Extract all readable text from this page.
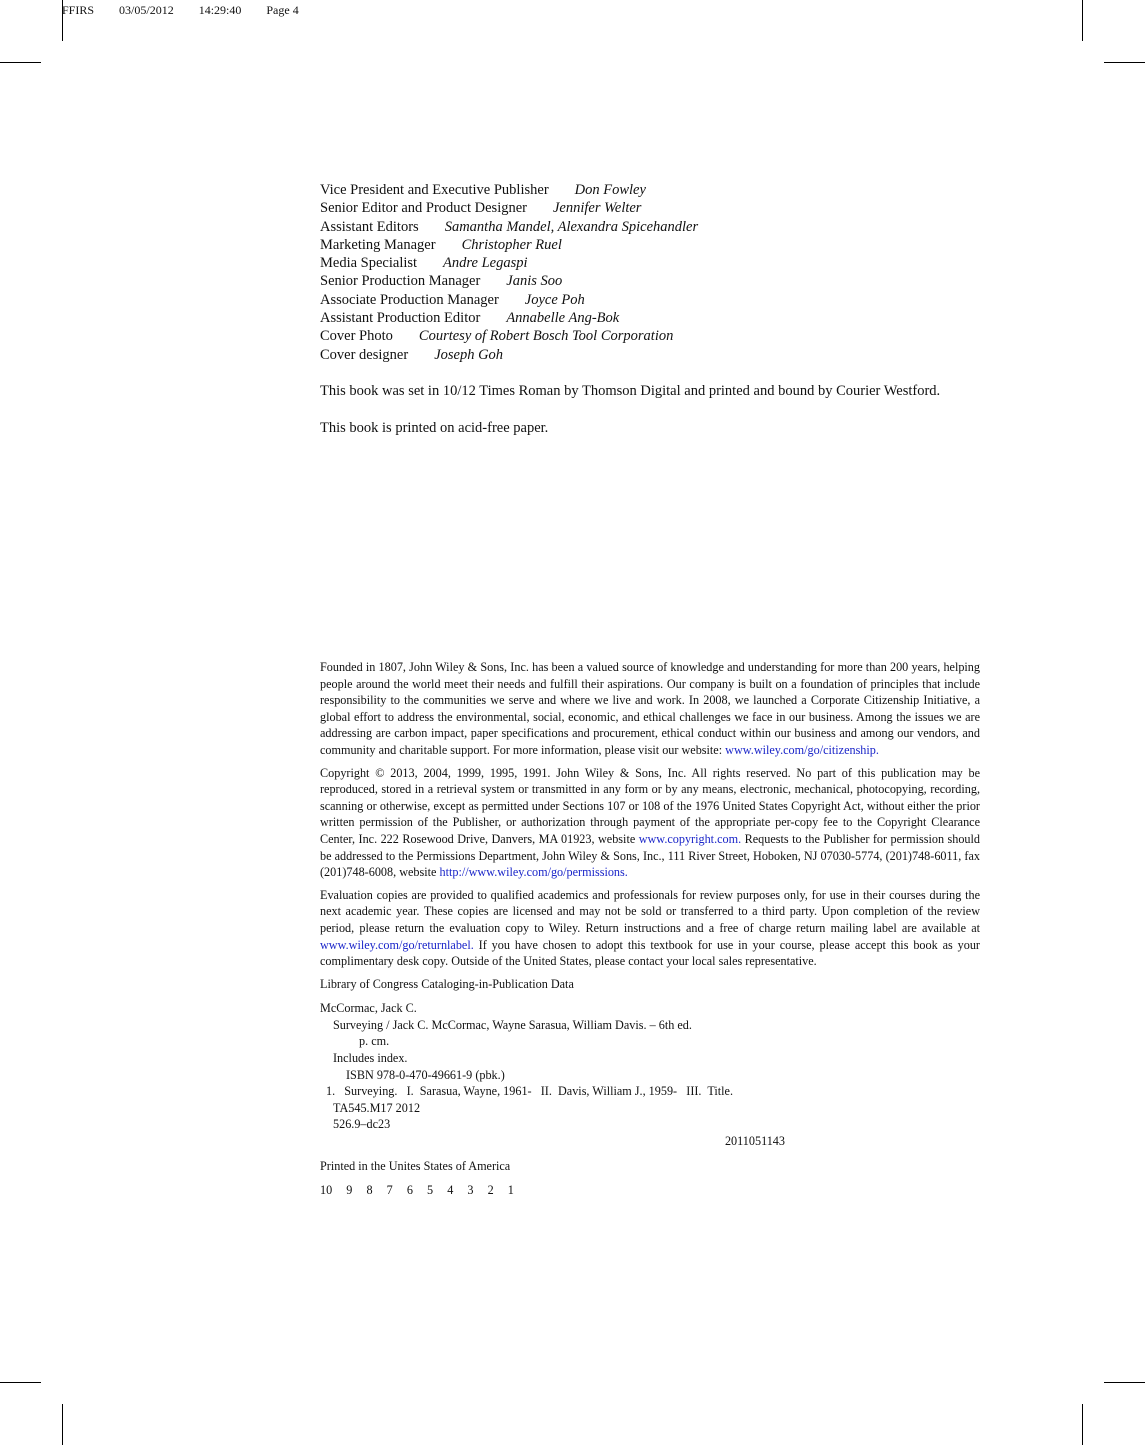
FFIRS 03/05/2012 14:29:40 Page 4
Vice President and Executive Publisher Don Fowley
Senior Editor and Product Designer Jennifer Welter
Assistant Editors Samantha Mandel, Alexandra Spicehandler
Marketing Manager Christopher Ruel
Media Specialist Andre Legaspi
Senior Production Manager Janis Soo
Associate Production Manager Joyce Poh
Assistant Production Editor Annabelle Ang-Bok
Cover Photo Courtesy of Robert Bosch Tool Corporation
Cover designer Joseph Goh
This book was set in 10/12 Times Roman by Thomson Digital and printed and bound by Courier Westford.
This book is printed on acid-free paper.

Founded in 1807, John Wiley & Sons, Inc. has been a valued source of knowledge and understanding for more than 200 years, helping people around the world meet their needs and fulfill their aspirations. Our company is built on a foundation of principles that include responsibility to the communities we serve and where we live and work. In 2008, we launched a Corporate Citizenship Initiative, a global effort to address the environmental, social, economic, and ethical challenges we face in our business. Among the issues we are addressing are carbon impact, paper specifications and procurement, ethical conduct within our business and among our vendors, and community and charitable support. For more information, please visit our website: www.wiley.com/go/citizenship.

Copyright © 2013, 2004, 1999, 1995, 1991. John Wiley & Sons, Inc. All rights reserved. No part of this publication may be reproduced, stored in a retrieval system or transmitted in any form or by any means, electronic, mechanical, photocopying, recording, scanning or otherwise, except as permitted under Sections 107 or 108 of the 1976 United States Copyright Act, without either the prior written permission of the Publisher, or authorization through payment of the appropriate per-copy fee to the Copyright Clearance Center, Inc. 222 Rosewood Drive, Danvers, MA 01923, website www.copyright.com. Requests to the Publisher for permission should be addressed to the Permissions Department, John Wiley & Sons, Inc., 111 River Street, Hoboken, NJ 07030-5774, (201)748-6011, fax (201)748-6008, website http://www.wiley.com/go/permissions.

Evaluation copies are provided to qualified academics and professionals for review purposes only, for use in their courses during the next academic year. These copies are licensed and may not be sold or transferred to a third party. Upon completion of the review period, please return the evaluation copy to Wiley. Return instructions and a free of charge return mailing label are available at www.wiley.com/go/returnlabel. If you have chosen to adopt this textbook for use in your course, please accept this book as your complimentary desk copy. Outside of the United States, please contact your local sales representative.

Library of Congress Cataloging-in-Publication Data
McCormac, Jack C.
Surveying / Jack C. McCormac, Wayne Sarasua, William Davis. – 6th ed.
p. cm.
Includes index.
ISBN 978-0-470-49661-9 (pbk.)
1.   Surveying.   I.  Sarasua, Wayne, 1961-   II.  Davis, William J., 1959-   III.  Title.
TA545.M17 2012
526.9–dc23
2011051143
Printed in the Unites States of America
10  9  8  7  6  5  4  3  2  1
